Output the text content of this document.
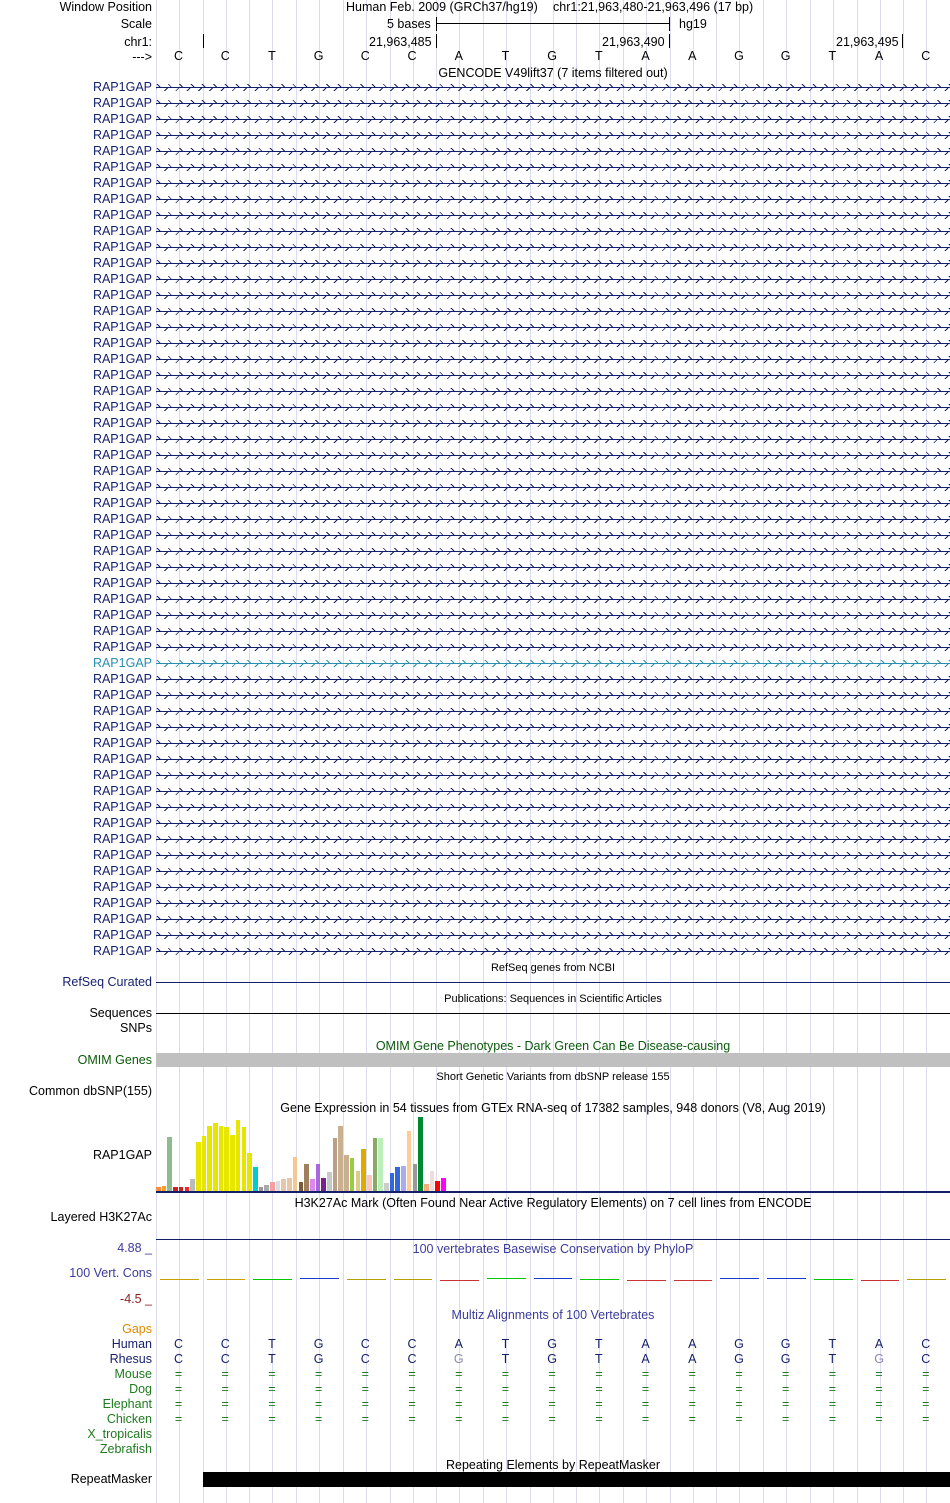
Window Position	Human Feb. 2009 (GRCh37/hg19) chr1:21,963,480-21,963,496 (17 bp)
Scale	5 bases	hg19
chr1:	21,963,485	21,963,490	21,963,495
--->	C	C	T	G	C	C	A	T	G	T	A	A	G	G	T	A	C
GENCODE V49lift37 (7 items filtered out)
RAP1GAP
RAP1GAP
RAP1GAP
RAP1GAP
RAP1GAP
RAP1GAP
RAP1GAP
RAP1GAP
RAP1GAP
RAP1GAP
RAP1GAP
RAP1GAP
RAP1GAP
RAP1GAP
RAP1GAP
RAP1GAP
RAP1GAP
RAP1GAP
RAP1GAP
RAP1GAP
RAP1GAP
RAP1GAP
RAP1GAP
RAP1GAP
RAP1GAP
RAP1GAP
RAP1GAP
RAP1GAP
RAP1GAP
RAP1GAP
RAP1GAP
RAP1GAP
RAP1GAP
RAP1GAP
RAP1GAP
RAP1GAP
RAP1GAP
RAP1GAP
RAP1GAP
RAP1GAP
RAP1GAP
RAP1GAP
RAP1GAP
RAP1GAP
RAP1GAP
RAP1GAP
RAP1GAP
RAP1GAP
RAP1GAP
RAP1GAP
RAP1GAP
RAP1GAP
RAP1GAP
RAP1GAP
RAP1GAP
RefSeq genes from NCBI
RefSeq Curated
Publications: Sequences in Scientific Articles
Sequences
SNPs
OMIM Gene Phenotypes - Dark Green Can Be Disease-causing
OMIM Genes
Short Genetic Variants from dbSNP release 155
Common dbSNP(155)
Gene Expression in 54 tissues from GTEx RNA-seq of 17382 samples, 948 donors (V8, Aug 2019)
RAP1GAP
H3K27Ac Mark (Often Found Near Active Regulatory Elements) on 7 cell lines from ENCODE
Layered H3K27Ac
100 vertebrates Basewise Conservation by PhyloP
4.88 _
100 Vert. Cons
-4.5 _
Multiz Alignments of 100 Vertebrates
Gaps
Human	C	C	T	G	C	C	A	T	G	T	A	A	G	G	T	A	C
Rhesus	C	C	T	G	C	C	G	T	G	T	A	A	G	G	T	G	C
Mouse	=	=	=	=	=	=	=	=	=	=	=	=	=	=	=	=	=
Dog	=	=	=	=	=	=	=	=	=	=	=	=	=	=	=	=	=
Elephant	=	=	=	=	=	=	=	=	=	=	=	=	=	=	=	=	=
Chicken	=	=	=	=	=	=	=	=	=	=	=	=	=	=	=	=	=
X_tropicalis
Zebrafish
Repeating Elements by RepeatMasker
RepeatMasker
